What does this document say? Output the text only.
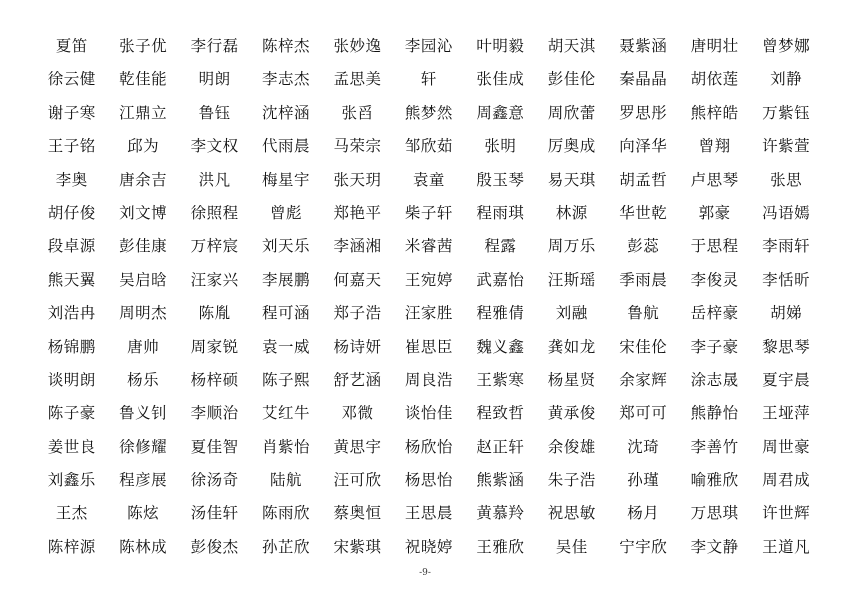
夏笛	张子优	李行磊	陈梓杰	张妙逸	李园沁	叶明毅	胡天淇	聂紫涵	唐明壮	曾梦娜
徐云健	乾佳能	明朗	李志杰	孟思美	轩	张佳成	彭佳伦	秦晶晶	胡依莲	刘静
谢子寒	江鼎立	鲁钰	沈梓涵	张舀	熊梦然	周鑫意	周欣蕾	罗思彤	熊梓皓	万紫钰
王子铭	邱为	李文权	代雨晨	马荣宗	邹欣茹	张明	厉奥成	向泽华	曾翔	许紫萱
李奥	唐余吉	洪凡	梅星宇	张天玥	袁童	殷玉琴	易天琪	胡孟哲	卢思琴	张思
胡仔俊	刘文博	徐照程	曾彪	郑艳平	柴子轩	程雨琪	林源	华世乾	郭豪	冯语嫣
段卓源	彭佳康	万梓宸	刘天乐	李涵湘	米睿茜	程露	周万乐	彭蕊	于思程	李雨轩
熊天翼	吴启晗	汪家兴	李展鹏	何嘉天	王宛婷	武嘉怡	汪斯瑶	季雨晨	李俊灵	李恬昕
刘浩冉	周明杰	陈胤	程可涵	郑子浩	汪家胜	程雅倩	刘融	鲁航	岳梓豪	胡娣
杨锦鹏	唐帅	周家锐	袁一威	杨诗妍	崔思臣	魏义鑫	龚如龙	宋佳伦	李子豪	黎思琴
谈明朗	杨乐	杨梓硕	陈子熙	舒艺涵	周良浩	王紫寒	杨星贤	余家辉	涂志晟	夏宇晨
陈子豪	鲁义钊	李顺治	艾红牛	邓微	谈怡佳	程致哲	黄承俊	郑可可	熊静怡	王垭萍
姜世良	徐修耀	夏佳智	肖紫怡	黄思宇	杨欣怡	赵正轩	余俊雄	沈琦	李善竹	周世豪
刘鑫乐	程彦展	徐汤奇	陆航	汪可欣	杨思怡	熊紫涵	朱子浩	孙瑾	喻雅欣	周君成
王杰	陈炫	汤佳轩	陈雨欣	蔡奥恒	王思晨	黄慕羚	祝思敏	杨月	万思琪	许世辉
陈梓源	陈林成	彭俊杰	孙芷欣	宋紫琪	祝晓婷	王雅欣	吴佳	宁宇欣	李文静	王道凡
-9-
